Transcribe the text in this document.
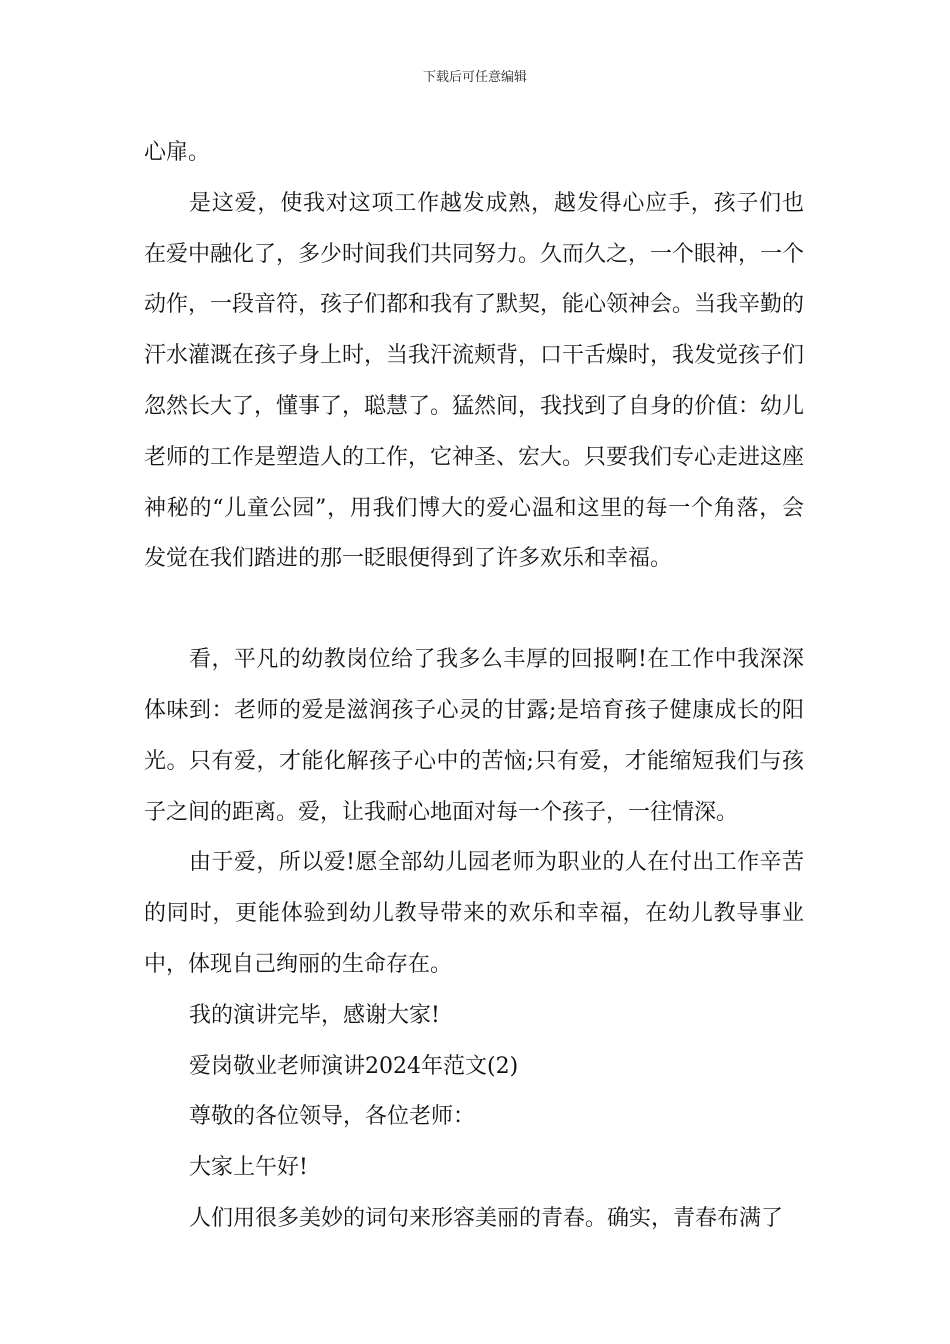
下载后可任意编辑

心扉。

是这爱，使我对这项工作越发成熟，越发得心应手，孩子们也在爱中融化了，多少时间我们共同努力。久而久之，一个眼神，一个动作，一段音符，孩子们都和我有了默契，能心领神会。当我辛勤的汗水灌溉在孩子身上时，当我汗流颊背，口干舌燥时，我发觉孩子们忽然长大了，懂事了，聪慧了。猛然间，我找到了自身的价值：幼儿老师的工作是塑造人的工作，它神圣、宏大。只要我们专心走进这座神秘的“儿童公园”，用我们博大的爱心温和这里的每一个角落，会发觉在我们踏进的那一眨眼便得到了许多欢乐和幸福。

看，平凡的幼教岗位给了我多么丰厚的回报啊!在工作中我深深体味到：老师的爱是滋润孩子心灵的甘露;是培育孩子健康成长的阳光。只有爱，才能化解孩子心中的苦恼;只有爱，才能缩短我们与孩子之间的距离。爱，让我耐心地面对每一个孩子，一往情深。

由于爱，所以爱!愿全部幼儿园老师为职业的人在付出工作辛苦的同时，更能体验到幼儿教导带来的欢乐和幸福，在幼儿教导事业中，体现自己绚丽的生命存在。

我的演讲完毕，感谢大家!

爱岗敬业老师演讲2024年范文(2)

尊敬的各位领导，各位老师：

大家上午好!

人们用很多美妙的词句来形容美丽的青春。确实，青春布满了
